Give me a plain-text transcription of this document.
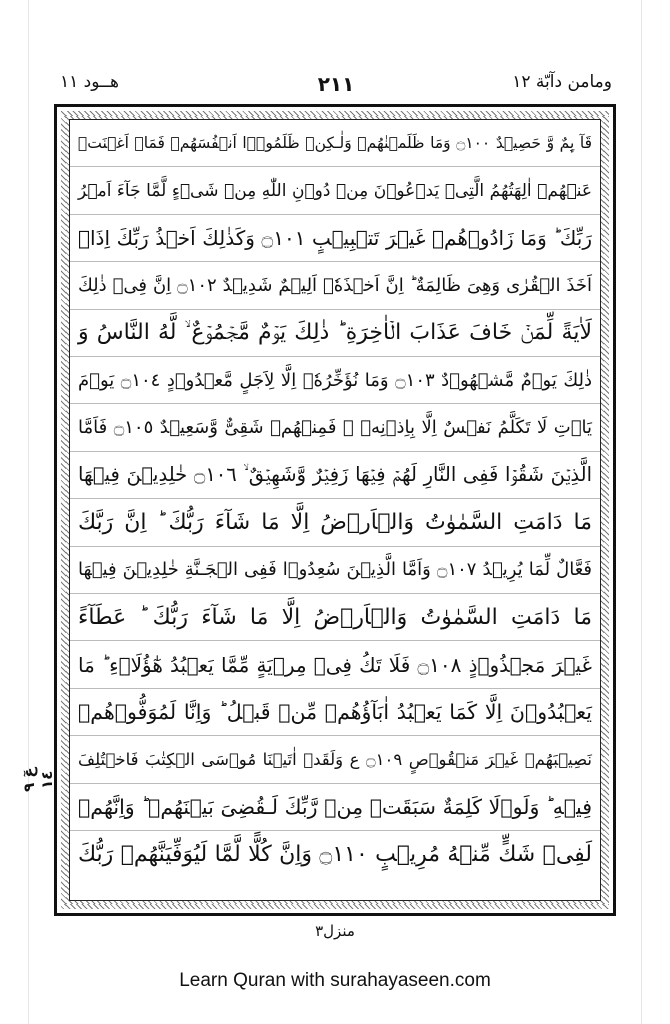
ومامن دآبّة ١٢
٢١١
هــود ١١
قَآ ىِٕمٌ وَّ حَصِيۡدٌ ۝١٠٠ وَمَا ظَلَمۡنٰهُمۡ وَلٰـكِنۡ ظَلَمُوۡۤا اَنۡفُسَهُمۡ فَمَاۤ اَغۡنَتۡ
عَنۡهُمۡ اٰلِهَتُهُمُ الَّتِىۡ يَدۡعُوۡنَ مِنۡ دُوۡنِ اللّٰهِ مِنۡ شَىۡءٍ لَّمَّا جَآءَ اَمۡرُ
رَبِّكَ ؕ وَمَا زَادُوۡهُمۡ غَيۡرَ تَتۡبِيۡبٍ ۝١٠١ وَكَذٰلِكَ اَخۡذُ رَبِّكَ اِذَاۤ
اَخَذَ الۡقُرٰى وَهِىَ ظَالِمَةٌ ؕ اِنَّ اَخۡذَهٗۤ اَلِيۡمٌ شَدِيۡدٌ ۝١٠٢ اِنَّ فِىۡ ذٰلِكَ
لَاٰيَةً لِّمَنۡ خَافَ عَذَابَ الۡاٰخِرَةِ ؕ ذٰلِكَ يَوۡمٌ مَّجۡمُوۡعٌ ۙ لَّهُ النَّاسُ وَ
ذٰلِكَ يَوۡمٌ مَّشۡهُوۡدٌ ۝١٠٣ وَمَا نُؤَخِّرُهٗۤ اِلَّا لِاَجَلٍ مَّعۡدُوۡدٍ ۝١٠٤ يَوۡمَ
يَاۡتِ لَا تَكَلَّمُ نَفۡسٌ اِلَّا بِاِذۡنِهٖ ۚ فَمِنۡهُمۡ شَقِىٌّ وَّسَعِيۡدٌ ۝١٠٥ فَاَمَّا
الَّذِيۡنَ شَقُوۡا فَفِى النَّارِ لَهُمۡ فِيۡهَا زَفِيۡرٌ وَّشَهِيۡقٌ ۙ ۝١٠٦ خٰلِدِيۡنَ فِيۡهَا
مَا دَامَتِ السَّمٰوٰتُ وَالۡاَرۡضُ اِلَّا مَا شَآءَ رَبُّكَ ؕ اِنَّ رَبَّكَ
فَعَّالٌ لِّمَا يُرِيۡدُ ۝١٠٧ وَاَمَّا الَّذِيۡنَ سُعِدُوۡا فَفِى الۡجَـنَّةِ خٰلِدِيۡنَ فِيۡهَا
مَا دَامَتِ السَّمٰوٰتُ وَالۡاَرۡضُ اِلَّا مَا شَآءَ رَبُّكَ ؕ عَطَآءً
غَيۡرَ مَجۡذُوۡذٍ ۝١٠٨ فَلَا تَكُ فِىۡ مِرۡيَةٍ مِّمَّا يَعۡبُدُ هٰٓؤُلَاۤءِ ؕ مَا
يَعۡبُدُوۡنَ اِلَّا كَمَا يَعۡبُدُ اٰبَآؤُهُمۡ مِّنۡ قَبۡلُ ؕ وَاِنَّا لَمُوَفُّوۡهُمۡ
نَصِيۡبَهُمۡ غَيۡرَ مَنۡقُوۡصٍ ۝١٠٩ ع وَلَقَدۡ اٰتَيۡنَا مُوۡسَى الۡكِتٰبَ فَاخۡتُلِفَ
فِيۡهِ ؕ وَلَوۡلَا كَلِمَةٌ سَبَقَتۡ مِنۡ رَّبِّكَ لَـقُضِىَ بَيۡنَهُمۡ ؕ وَاِنَّهُمۡ
لَفِىۡ شَكٍّ مِّنۡهُ مُرِيۡبٍ ۝١١٠ وَاِنَّ كُلًّا لَّمَّا لَيُوَفِّيَنَّهُمۡ رَبُّكَ
عٓ ٩ ١٤
منزل٣
Learn Quran with surahayaseen.com
